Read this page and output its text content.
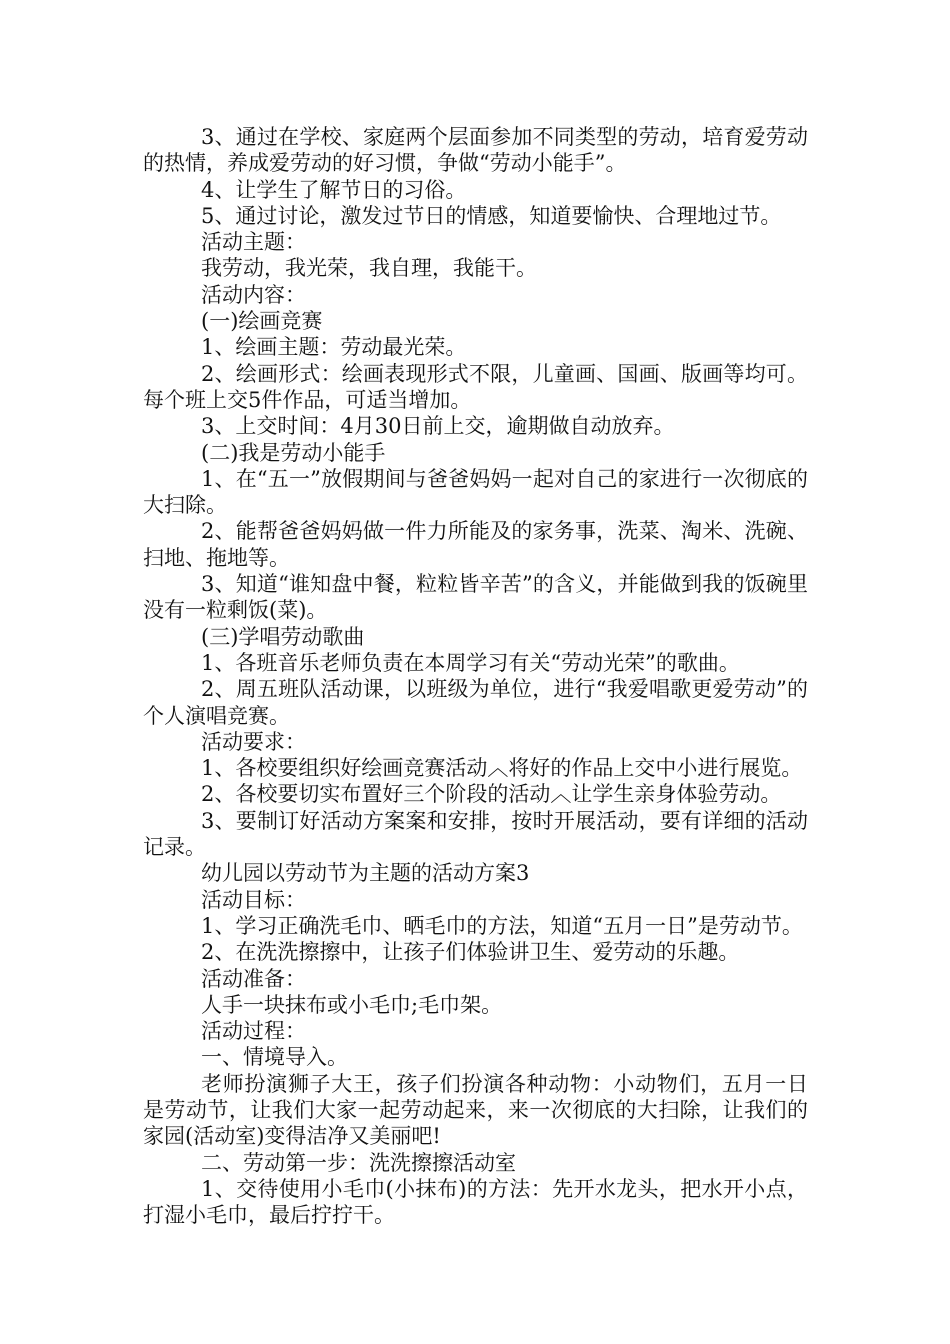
3、通过在学校、家庭两个层面参加不同类型的劳动，培育爱劳动的热情，养成爱劳动的好习惯，争做“劳动小能手”。

4、让学生了解节日的习俗。

5、通过讨论，激发过节日的情感，知道要愉快、合理地过节。

活动主题：

我劳动，我光荣，我自理，我能干。

活动内容：

(一)绘画竞赛

1、绘画主题：劳动最光荣。

2、绘画形式：绘画表现形式不限，儿童画、国画、版画等均可。每个班上交5件作品，可适当增加。

3、上交时间：4月30日前上交，逾期做自动放弃。

(二)我是劳动小能手

1、在“五一”放假期间与爸爸妈妈一起对自己的家进行一次彻底的大扫除。

2、能帮爸爸妈妈做一件力所能及的家务事，洗菜、淘米、洗碗、扫地、拖地等。

3、知道“谁知盘中餐，粒粒皆辛苦”的含义，并能做到我的饭碗里没有一粒剩饭(菜)。

(三)学唱劳动歌曲

1、各班音乐老师负责在本周学习有关“劳动光荣”的歌曲。

2、周五班队活动课，以班级为单位，进行“我爱唱歌更爱劳动”的个人演唱竞赛。

活动要求：

1、各校要组织好绘画竞赛活动︿将好的作品上交中小进行展览。

2、各校要切实布置好三个阶段的活动︿让学生亲身体验劳动。

3、要制订好活动方案案和安排，按时开展活动，要有详细的活动记录。

幼儿园以劳动节为主题的活动方案3

活动目标：

1、学习正确洗毛巾、晒毛巾的方法，知道“五月一日”是劳动节。

2、在洗洗擦擦中，让孩子们体验讲卫生、爱劳动的乐趣。

活动准备：

人手一块抹布或小毛巾;毛巾架。

活动过程：

一、情境导入。

老师扮演狮子大王，孩子们扮演各种动物：小动物们，五月一日是劳动节，让我们大家一起劳动起来，来一次彻底的大扫除，让我们的家园(活动室)变得洁净又美丽吧!

二、劳动第一步：洗洗擦擦活动室

1、交待使用小毛巾(小抹布)的方法：先开水龙头，把水开小点，打湿小毛巾，最后拧拧干。
